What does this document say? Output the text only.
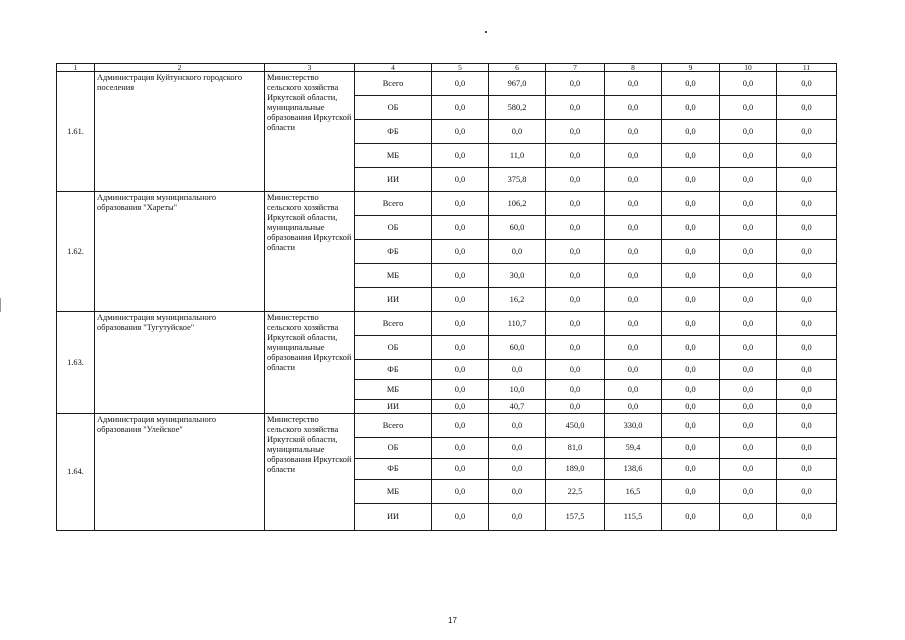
1	2	3	4	5	6	7	8	9	10	11
1.61.	Администрация Куйтунского городского поселения	Министерство сельского хозяйства Иркутской области, муниципальные образования Иркутской области	Всего	0,0	967,0	0,0	0,0	0,0	0,0	0,0
			ОБ	0,0	580,2	0,0	0,0	0,0	0,0	0,0
			ФБ	0,0	0,0	0,0	0,0	0,0	0,0	0,0
			МБ	0,0	11,0	0,0	0,0	0,0	0,0	0,0
			ИИ	0,0	375,8	0,0	0,0	0,0	0,0	0,0
1.62.	Администрация муниципального образования "Хареты"	Министерство сельского хозяйства Иркутской области, муниципальные образования Иркутской области	Всего	0,0	106,2	0,0	0,0	0,0	0,0	0,0
			ОБ	0,0	60,0	0,0	0,0	0,0	0,0	0,0
			ФБ	0,0	0,0	0,0	0,0	0,0	0,0	0,0
			МБ	0,0	30,0	0,0	0,0	0,0	0,0	0,0
			ИИ	0,0	16,2	0,0	0,0	0,0	0,0	0,0
1.63.	Администрация муниципального образования "Тугутуйское"	Министерство сельского хозяйства Иркутской области, муниципальные образования Иркутской области	Всего	0,0	110,7	0,0	0,0	0,0	0,0	0,0
			ОБ	0,0	60,0	0,0	0,0	0,0	0,0	0,0
			ФБ	0,0	0,0	0,0	0,0	0,0	0,0	0,0
			МБ	0,0	10,0	0,0	0,0	0,0	0,0	0,0
			ИИ	0,0	40,7	0,0	0,0	0,0	0,0	0,0
1.64.	Администрация муниципального образования "Улейское"	Министерство сельского хозяйства Иркутской области, муниципальные образования Иркутской области	Всего	0,0	0,0	450,0	330,0	0,0	0,0	0,0
			ОБ	0,0	0,0	81,0	59,4	0,0	0,0	0,0
			ФБ	0,0	0,0	189,0	138,6	0,0	0,0	0,0
			МБ	0,0	0,0	22,5	16,5	0,0	0,0	0,0
			ИИ	0,0	0,0	157,5	115,5	0,0	0,0	0,0
17
